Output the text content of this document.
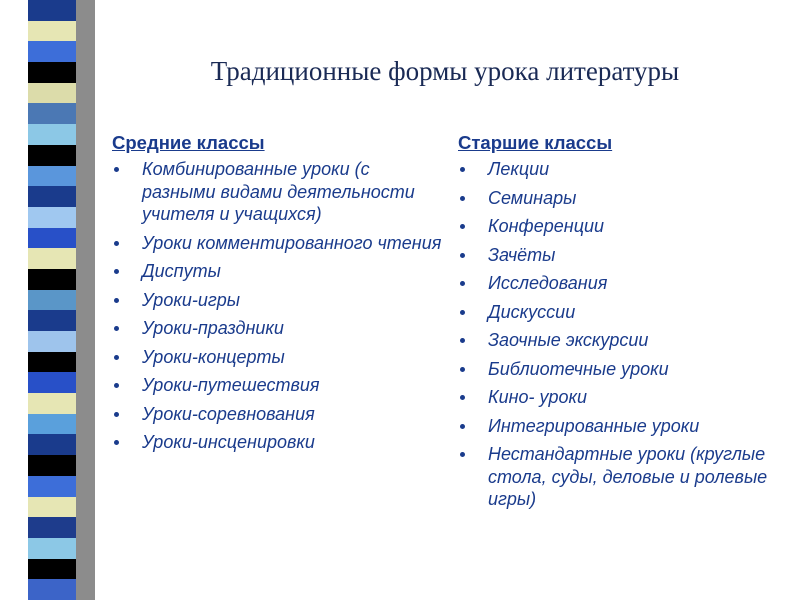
Традиционные формы урока литературы
Средние классы
Комбинированные уроки (с разными видами деятельности учителя и учащихся)
Уроки комментированного чтения
Диспуты
Уроки-игры
Уроки-праздники
Уроки-концерты
Уроки-путешествия
Уроки-соревнования
Уроки-инсценировки
Старшие классы
Лекции
Семинары
Конференции
Зачёты
Исследования
Дискуссии
Заочные экскурсии
Библиотечные уроки
Кино- уроки
Интегрированные уроки
Нестандартные уроки (круглые стола, суды, деловые и ролевые игры)
